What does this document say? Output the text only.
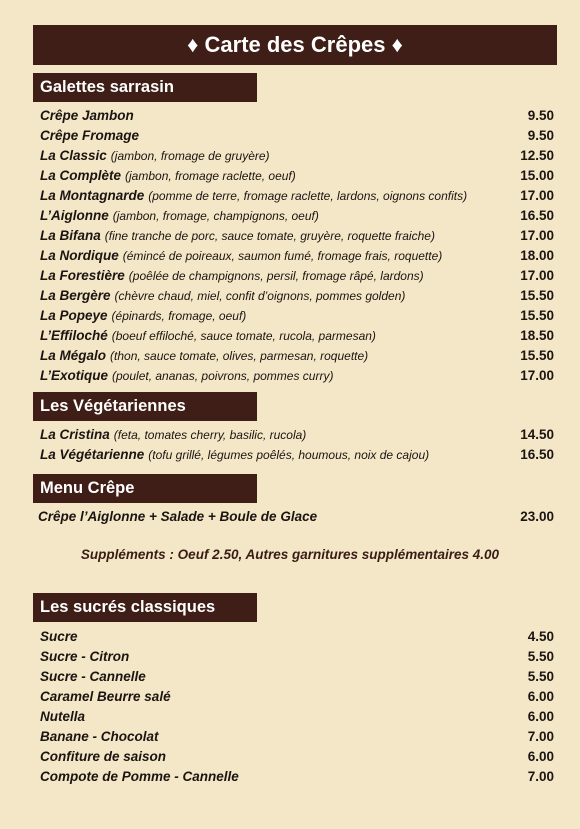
♦ Carte des Crêpes ♦
Galettes sarrasin
Crêpe Jambon	9.50
Crêpe Fromage	9.50
La Classic (jambon, fromage de gruyère)	12.50
La Complète (jambon, fromage raclette, oeuf)	15.00
La Montagnarde (pomme de terre, fromage raclette, lardons, oignons confits)	17.00
L’Aiglonne (jambon, fromage, champignons, oeuf)	16.50
La Bifana (fine tranche de porc, sauce tomate, gruyère, roquette fraiche)	17.00
La Nordique (émincé de poireaux, saumon fumé, fromage frais, roquette)	18.00
La Forestière (poêlée de champignons, persil, fromage râpé, lardons)	17.00
La Bergère (chèvre chaud, miel, confit d’oignons, pommes golden)	15.50
La Popeye (épinards, fromage, oeuf)	15.50
L’Effiloché (boeuf effiloché, sauce tomate, rucola, parmesan)	18.50
La Mégalo (thon, sauce tomate, olives, parmesan, roquette)	15.50
L’Exotique (poulet, ananas, poivrons, pommes curry)	17.00
Les Végétariennes
La Cristina (feta, tomates cherry, basilic, rucola)	14.50
La Végétarienne (tofu grillé, légumes poêlés, houmous, noix de cajou)	16.50
Menu Crêpe
Crêpe l’Aiglonne + Salade + Boule de Glace	23.00
Suppléments : Oeuf 2.50, Autres garnitures supplémentaires 4.00
Les sucrés classiques
Sucre	4.50
Sucre - Citron	5.50
Sucre - Cannelle	5.50
Caramel Beurre salé	6.00
Nutella	6.00
Banane - Chocolat	7.00
Confiture de saison	6.00
Compote de Pomme - Cannelle	7.00
